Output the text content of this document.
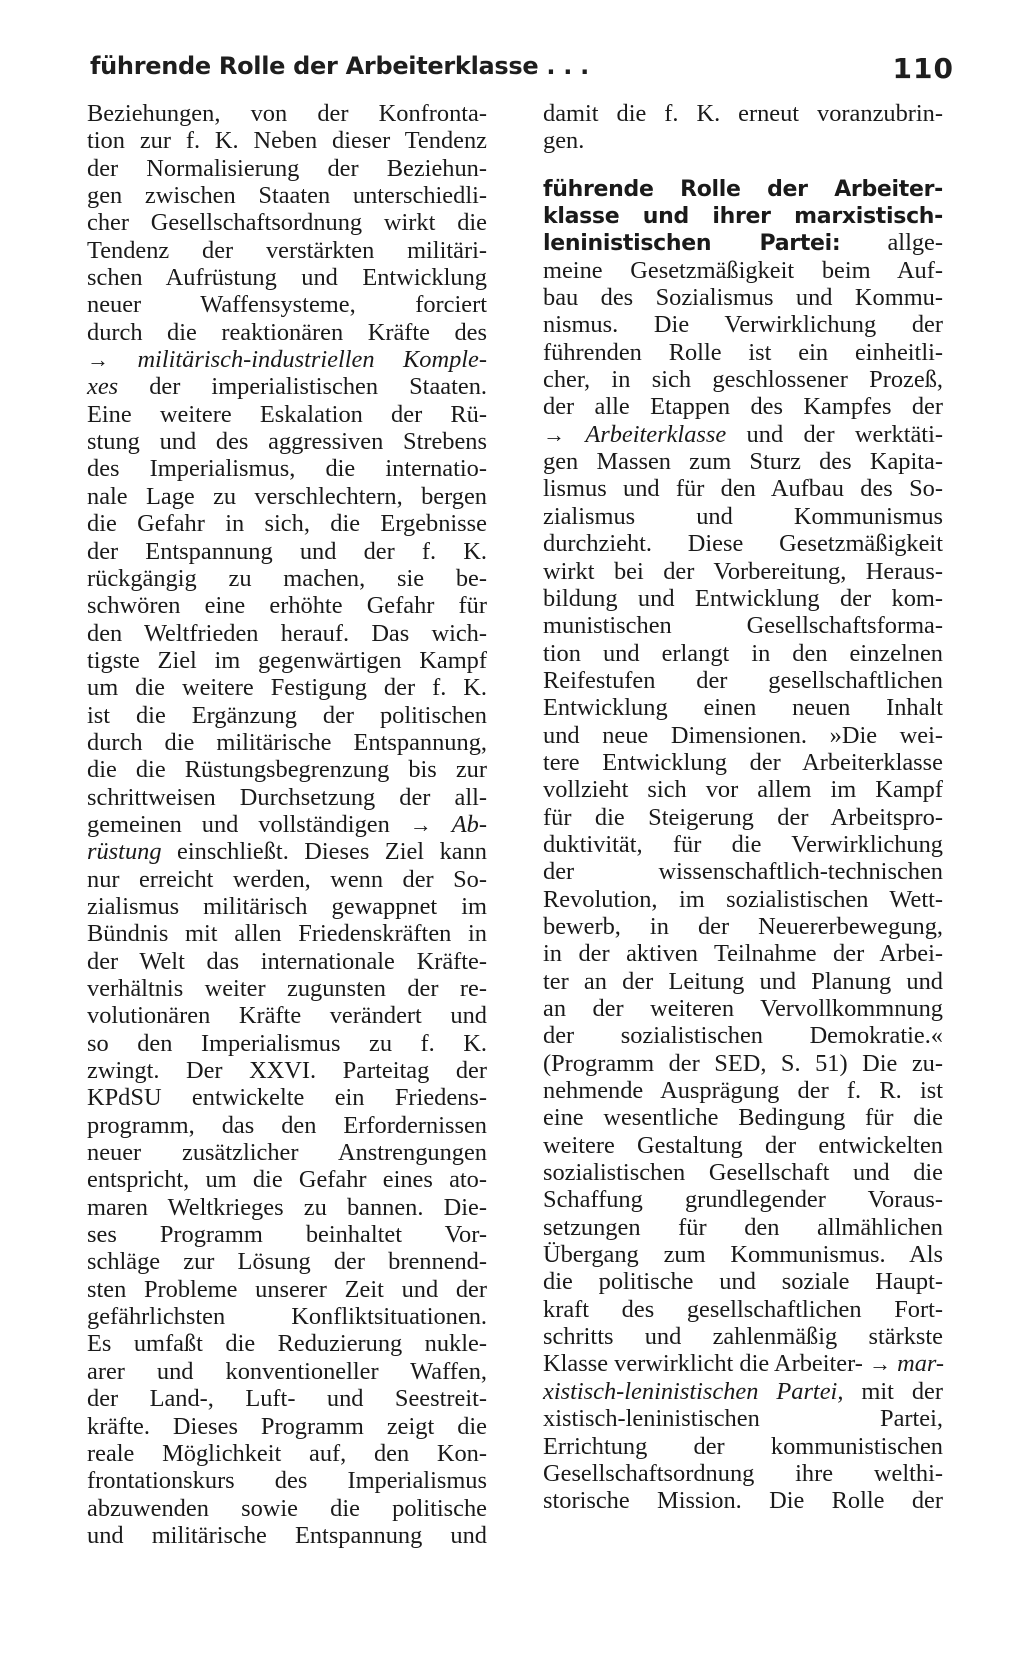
führende Rolle der Arbeiterklasse . . .	110
Beziehungen, von der Konfronta-
tion zur f. K. Neben dieser Tendenz
der Normalisierung der Beziehun-
gen zwischen Staaten unterschiedli-
cher Gesellschaftsordnung wirkt die
Tendenz der verstärkten militäri-
schen Aufrüstung und Entwicklung
neuer Waffensysteme, forciert
durch die reaktionären Kräfte des
→ militärisch-industriellen Komple-
xes der imperialistischen Staaten.
Eine weitere Eskalation der Rü-
stung und des aggressiven Strebens
des Imperialismus, die internatio-
nale Lage zu verschlechtern, bergen
die Gefahr in sich, die Ergebnisse
der Entspannung und der f. K.
rückgängig zu machen, sie be-
schwören eine erhöhte Gefahr für
den Weltfrieden herauf. Das wich-
tigste Ziel im gegenwärtigen Kampf
um die weitere Festigung der f. K.
ist die Ergänzung der politischen
durch die militärische Entspannung,
die die Rüstungsbegrenzung bis zur
schrittweisen Durchsetzung der all-
gemeinen und vollständigen → Ab-
rüstung einschließt. Dieses Ziel kann
nur erreicht werden, wenn der So-
zialismus militärisch gewappnet im
Bündnis mit allen Friedenskräften in
der Welt das internationale Kräfte-
verhältnis weiter zugunsten der re-
volutionären Kräfte verändert und
so den Imperialismus zu f. K.
zwingt. Der XXVI. Parteitag der
KPdSU entwickelte ein Friedens-
programm, das den Erfordernissen
neuer zusätzlicher Anstrengungen
entspricht, um die Gefahr eines ato-
maren Weltkrieges zu bannen. Die-
ses Programm beinhaltet Vor-
schläge zur Lösung der brennend-
sten Probleme unserer Zeit und der
gefährlichsten Konfliktsituationen.
Es umfaßt die Reduzierung nukle-
arer und konventioneller Waffen,
der Land-, Luft- und Seestreit-
kräfte. Dieses Programm zeigt die
reale Möglichkeit auf, den Kon-
frontationskurs des Imperialismus
abzuwenden sowie die politische
und militärische Entspannung und
damit die f. K. erneut voranzubrin-
gen.
führende Rolle der Arbeiter-
klasse und ihrer marxistisch-
leninistischen Partei: allge-
meine Gesetzmäßigkeit beim Auf-
bau des Sozialismus und Kommu-
nismus. Die Verwirklichung der
führenden Rolle ist ein einheitli-
cher, in sich geschlossener Prozeß,
der alle Etappen des Kampfes der
→ Arbeiterklasse und der werktäti-
gen Massen zum Sturz des Kapita-
lismus und für den Aufbau des So-
zialismus und Kommunismus
durchzieht. Diese Gesetzmäßigkeit
wirkt bei der Vorbereitung, Heraus-
bildung und Entwicklung der kom-
munistischen Gesellschaftsforma-
tion und erlangt in den einzelnen
Reifestufen der gesellschaftlichen
Entwicklung einen neuen Inhalt
und neue Dimensionen. »Die wei-
tere Entwicklung der Arbeiterklasse
vollzieht sich vor allem im Kampf
für die Steigerung der Arbeitspro-
duktivität, für die Verwirklichung
der wissenschaftlich-technischen
Revolution, im sozialistischen Wett-
bewerb, in der Neuererbewegung,
in der aktiven Teilnahme der Arbei-
ter an der Leitung und Planung und
an der weiteren Vervollkommnung
der sozialistischen Demokratie.«
(Programm der SED, S. 51) Die zu-
nehmende Ausprägung der f. R. ist
eine wesentliche Bedingung für die
weitere Gestaltung der entwickelten
sozialistischen Gesellschaft und die
Schaffung grundlegender Voraus-
setzungen für den allmählichen
Übergang zum Kommunismus. Als
die politische und soziale Haupt-
kraft des gesellschaftlichen Fort-
schritts und zahlenmäßig stärkste
Klasse verwirklicht die Arbeiter- → mar-
xistisch-leninistischen Partei, mit der
xistisch-leninistischen Partei,
Errichtung der kommunistischen
Gesellschaftsordnung ihre welthi-
storische Mission. Die Rolle der
